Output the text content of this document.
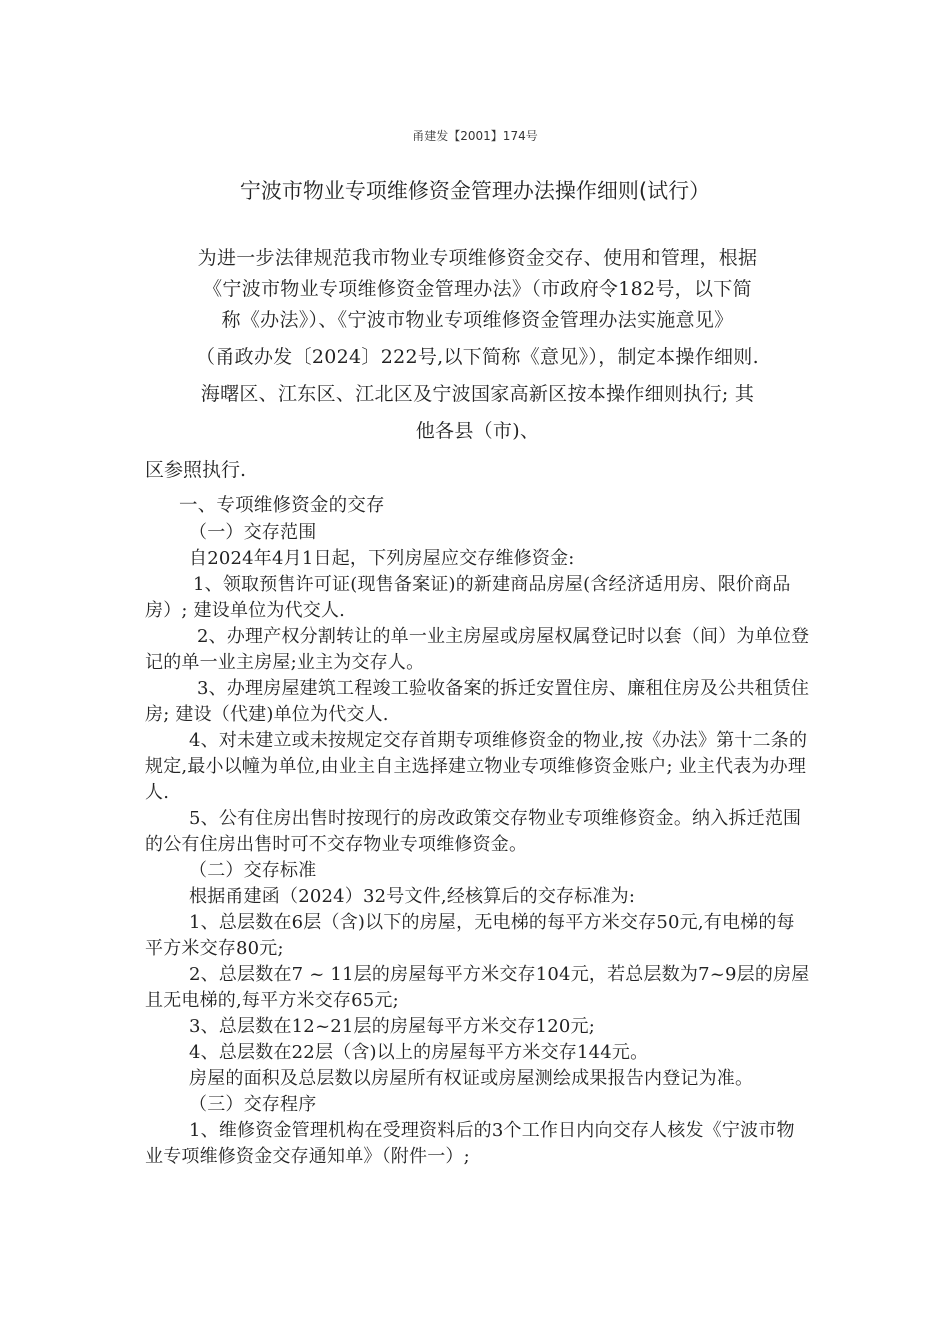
甬建发【2001】174号
宁波市物业专项维修资金管理办法操作细则(试行）
为进一步法律规范我市物业专项维修资金交存、使用和管理，根据
《宁波市物业专项维修资金管理办法》（市政府令182号，以下简
称《办法》）、《宁波市物业专项维修资金管理办法实施意见》
（甬政办发〔2024〕222号,以下简称《意见》），制定本操作细则.
海曙区、江东区、江北区及宁波国家高新区按本操作细则执行; 其
他各县（市)、
区参照执行.

一、专项维修资金的交存

（一）交存范围

自2024年4月1日起，下列房屋应交存维修资金:

1、领取预售许可证(现售备案证)的新建商品房屋(含经济适用房、限价商品房）; 建设单位为代交人.

2、办理产权分割转让的单一业主房屋或房屋权属登记时以套（间）为单位登记的单一业主房屋;业主为交存人。

3、办理房屋建筑工程竣工验收备案的拆迁安置住房、廉租住房及公共租赁住房; 建设（代建)单位为代交人.

4、对未建立或未按规定交存首期专项维修资金的物业,按《办法》第十二条的规定,最小以幢为单位,由业主自主选择建立物业专项维修资金账户; 业主代表为办理人.

5、公有住房出售时按现行的房改政策交存物业专项维修资金。纳入拆迁范围的公有住房出售时可不交存物业专项维修资金。

（二）交存标准

根据甬建函（2024）32号文件,经核算后的交存标准为:

1、总层数在6层（含)以下的房屋，无电梯的每平方米交存50元,有电梯的每平方米交存80元;

2、总层数在7 ~ 11层的房屋每平方米交存104元，若总层数为7~9层的房屋且无电梯的,每平方米交存65元;

3、总层数在12~21层的房屋每平方米交存120元;

4、总层数在22层（含)以上的房屋每平方米交存144元。

房屋的面积及总层数以房屋所有权证或房屋测绘成果报告内登记为准。

（三）交存程序

1、维修资金管理机构在受理资料后的3个工作日内向交存人核发《宁波市物业专项维修资金交存通知单》（附件一）;
